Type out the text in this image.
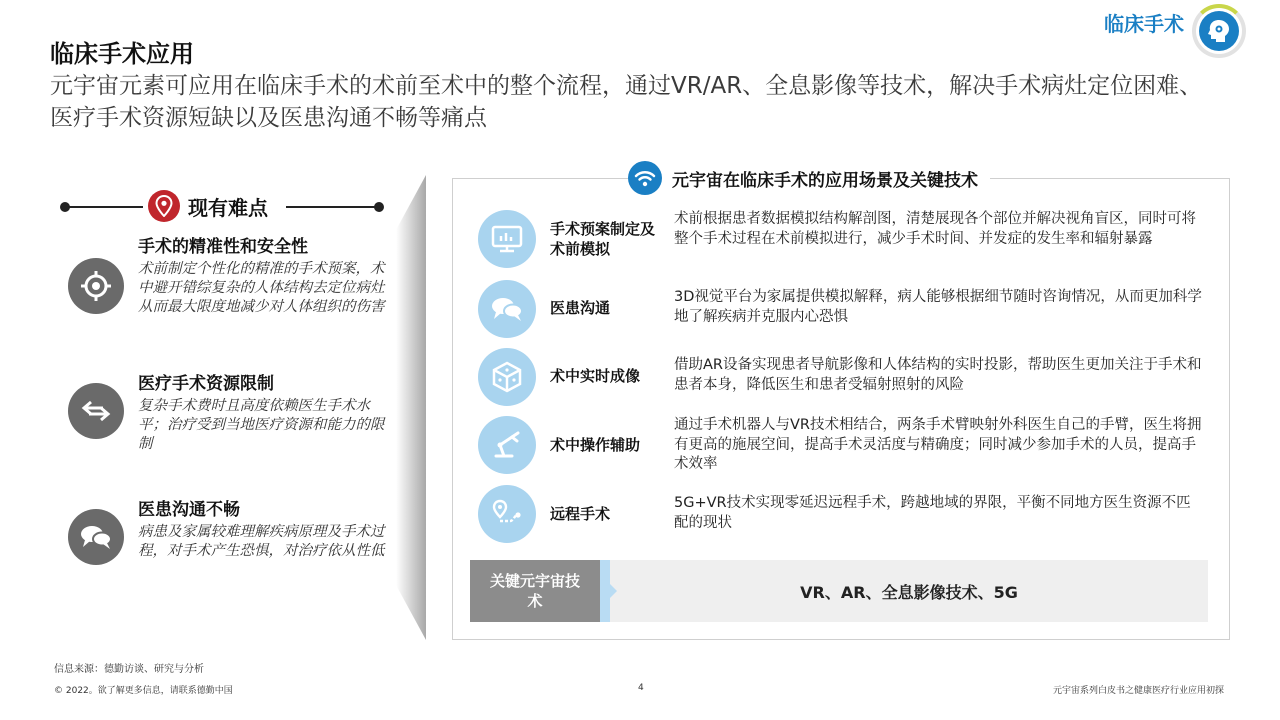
临床手术
临床手术应用

元宇宙元素可应用在临床手术的术前至术中的整个流程，通过VR/AR、全息影像等技术，解决手术病灶定位困难、医疗手术资源短缺以及医患沟通不畅等痛点

现有难点
手术的精准性和安全性
术前制定个性化的精准的手术预案，术中避开错综复杂的人体结构去定位病灶从而最大限度地减少对人体组织的伤害
医疗手术资源限制
复杂手术费时且高度依赖医生手术水平；治疗受到当地医疗资源和能力的限制
医患沟通不畅
病患及家属较难理解疾病原理及手术过程，对手术产生恐惧，对治疗依从性低
元宇宙在临床手术的应用场景及关键技术
手术预案制定及术前模拟
术前根据患者数据模拟结构解剖图，清楚展现各个部位并解决视角盲区，同时可将整个手术过程在术前模拟进行，减少手术时间、并发症的发生率和辐射暴露
医患沟通
3D视觉平台为家属提供模拟解释，病人能够根据细节随时咨询情况，从而更加科学地了解疾病并克服内心恐惧
术中实时成像
借助AR设备实现患者导航影像和人体结构的实时投影，帮助医生更加关注于手术和患者本身，降低医生和患者受辐射照射的风险
术中操作辅助
通过手术机器人与VR技术相结合，两条手术臂映射外科医生自己的手臂，医生将拥有更高的施展空间，提高手术灵活度与精确度；同时减少参加手术的人员，提高手术效率
远程手术
5G+VR技术实现零延迟远程手术，跨越地域的界限，平衡不同地方医生资源不匹配的现状
关键元宇宙技术	VR、AR、全息影像技术、5G
信息来源：德勤访谈、研究与分析
© 2022。欲了解更多信息，请联系德勤中国	4	元宇宙系列白皮书之健康医疗行业应用初探
